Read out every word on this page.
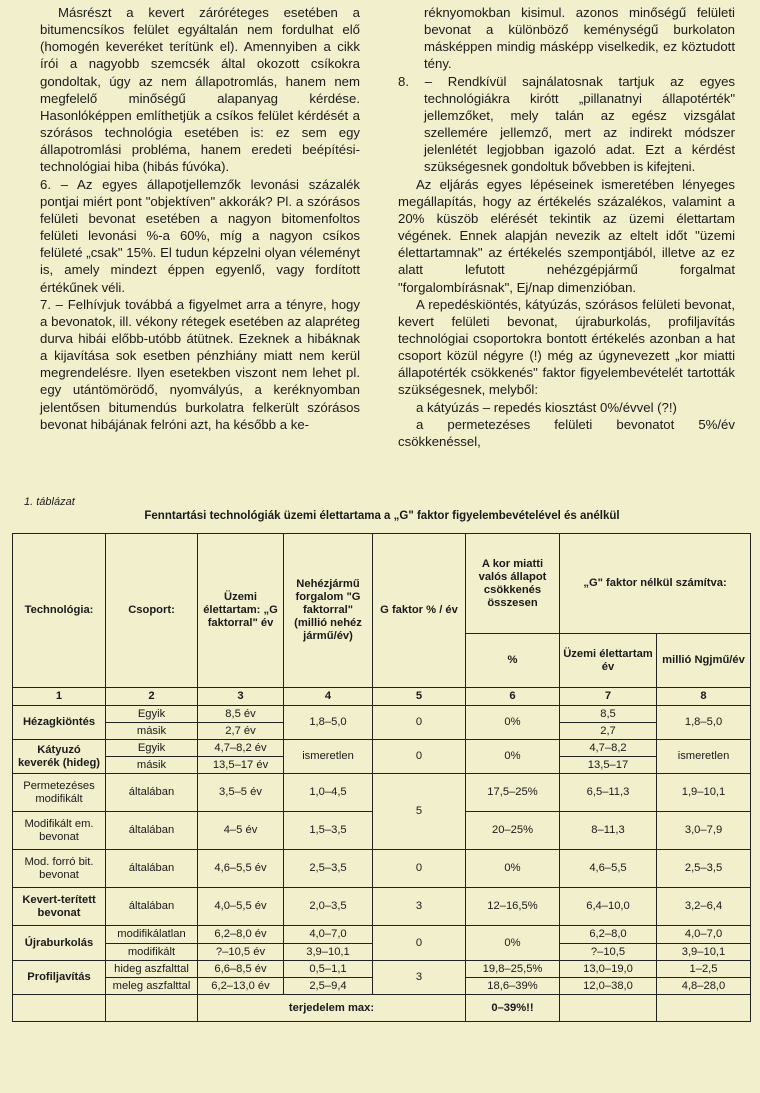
Másrészt a kevert záróréteges esetében a bitumencsíkos felület egyáltalán nem fordulhat elő (homogén keveréket terítünk el). Amennyiben a cikk írói a nagyobb szemcsék által okozott csíkokra gondoltak, úgy az nem állapotromlás, hanem nem megfelelő minőségű alapanyag kérdése. Hasonlóképpen említhetjük a csíkos felület kérdését a szórásos technológia esetében is: ez sem egy állapotromlási probléma, hanem eredeti beépítési-technológiai hiba (hibás fúvóka).

6. – Az egyes állapotjellemzők levonási százalék pontjai miért pont "objektíven" akkorák? Pl. a szórásos felületi bevonat esetében a nagyon bitomenfoltos felületi levonási %-a 60%, míg a nagyon csíkos felületé „csak" 15%. El tudun képzelni olyan véleményt is, amely mindezt éppen egyenlő, vagy fordított értékűnek véli.

7. – Felhívjuk továbbá a figyelmet arra a tényre, hogy a bevonatok, ill. vékony rétegek esetében az alapréteg durva hibái előbb-utóbb átütnek. Ezeknek a hibáknak a kijavítása sok esetben pénzhiány miatt nem kerül megrendelésre. Ilyen esetekben viszont nem lehet pl. egy utántömörödő, nyomvályús, a keréknyomban jelentősen bitumendús burkolatra felkerült szórásos bevonat hibájának felróni azt, ha később a ke-

réknyomokban kisimul. azonos minőségű felületi bevonat a különböző keménységű burkolaton másképpen mindig másképp viselkedik, ez köztudott tény.

8. – Rendkívül sajnálatosnak tartjuk az egyes technológiákra kirótt „pillanatnyi állapotérték" jellemzőket, mely talán az egész vizsgálat szellemére jellemző, mert az indirekt módszer jelenlétét legjobban igazoló adat. Ezt a kérdést szükségesnek gondoltuk bővebben is kifejteni.

Az eljárás egyes lépéseinek ismeretében lényeges megállapítás, hogy az értékelés százalékos, valamint a 20% küszöb elérését tekintik az üzemi élettartam végének. Ennek alapján nevezik az eltelt időt "üzemi élettartamnak" az értékelés szempontjából, illetve az ez alatt lefutott nehézgépjármű forgalmat "forgalombírásnak", Ej/nap dimenzióban.

A repedéskiöntés, kátyúzás, szórásos felületi bevonat, kevert felületi bevonat, újraburkolás, profiljavítás technológiai csoportokra bontott értékelés azonban a hat csoport közül négyre (!) még az úgynevezett „kor miatti állapotérték csökkenés" faktor figyelembevételét tartották szükségesnek, melyből:

a kátyúzás – repedés kiosztást 0%/évvel (?!)

a permetezéses felületi bevonatot 5%/év csökkenéssel,

1. táblázat
Fenntartási technológiák üzemi élettartama a „G" faktor figyelembevételével és anélkül
Technológia:	Csoport:	Üzemi élettartam: „G faktorral" év	Nehézjármű forgalom "G faktorral" (millió nehéz jármű/év)	G faktor % / év	A kor miatti valós állapot csökkenés összesen	„G" faktor nélkül számítva:	
					%	Üzemi élettartam év	millió Ngjmű/év
1	2	3	4	5	6	7	8
Hézagkiöntés	Egyik	8,5 év	1,8–5,0	0	0%	8,5	1,8–5,0
	másik	2,7 év				2,7	
Kátyuzó keverék (hideg)	Egyik	4,7–8,2 év	ismeretlen	0	0%	4,7–8,2	ismeretlen
	másik	13,5–17 év				13,5–17	
Permetezéses modifikált	általában	3,5–5 év	1,0–4,5	5	17,5–25%	6,5–11,3	1,9–10,1
Modifikált em. bevonat	általában	4–5 év	1,5–3,5		20–25%	8–11,3	3,0–7,9
Mod. forró bit. bevonat	általában	4,6–5,5 év	2,5–3,5	0	0%	4,6–5,5	2,5–3,5
Kevert-terített bevonat	általában	4,0–5,5 év	2,0–3,5	3	12–16,5%	6,4–10,0	3,2–6,4
Újraburkolás	modifikálatlan	6,2–8,0 év	4,0–7,0	0	0%	6,2–8,0	4,0–7,0
	modifikált	?–10,5 év	3,9–10,1			?–10,5	3,9–10,1
Profiljavítás	hideg aszfalttal	6,6–8,5 év	0,5–1,1	3	19,8–25,5%	13,0–19,0	1–2,5
	meleg aszfalttal	6,2–13,0 év	2,5–9,4		18,6–39%	12,0–38,0	4,8–28,0
		terjedelem max:			0–39%!!		
